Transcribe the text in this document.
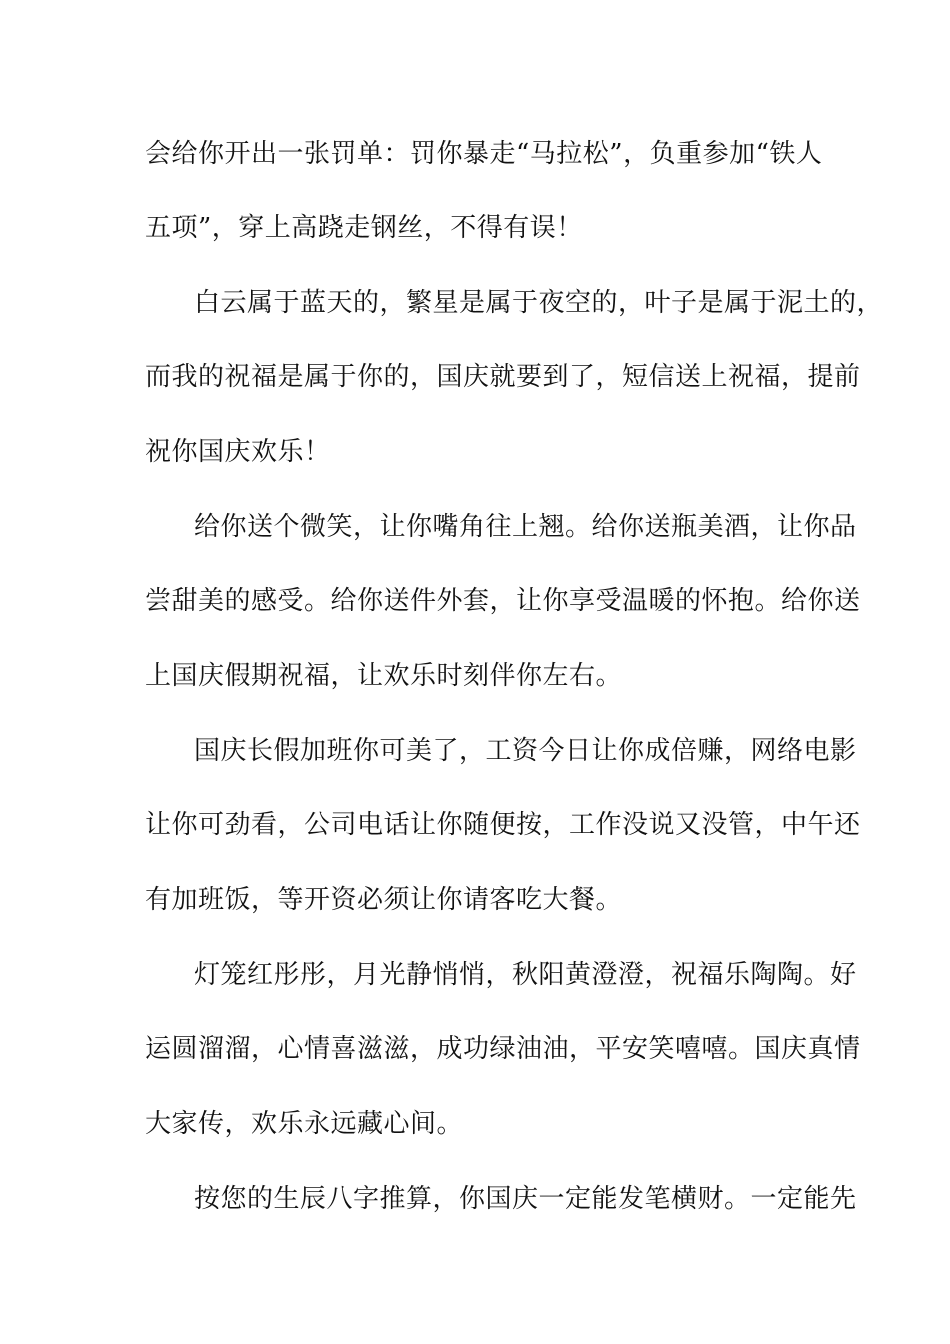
会给你开出一张罚单：罚你暴走“马拉松”，负重参加“铁人
五项”，穿上高跷走钢丝，不得有误！
白云属于蓝天的，繁星是属于夜空的，叶子是属于泥土的，
而我的祝福是属于你的，国庆就要到了，短信送上祝福，提前
祝你国庆欢乐！
给你送个微笑，让你嘴角往上翘。给你送瓶美酒，让你品
尝甜美的感受。给你送件外套，让你享受温暖的怀抱。给你送
上国庆假期祝福，让欢乐时刻伴你左右。
国庆长假加班你可美了，工资今日让你成倍赚，网络电影
让你可劲看，公司电话让你随便按，工作没说又没管，中午还
有加班饭，等开资必须让你请客吃大餐。
灯笼红彤彤，月光静悄悄，秋阳黄澄澄，祝福乐陶陶。好
运圆溜溜，心情喜滋滋，成功绿油油，平安笑嘻嘻。国庆真情
大家传，欢乐永远藏心间。
按您的生辰八字推算，你国庆一定能发笔横财。一定能先
